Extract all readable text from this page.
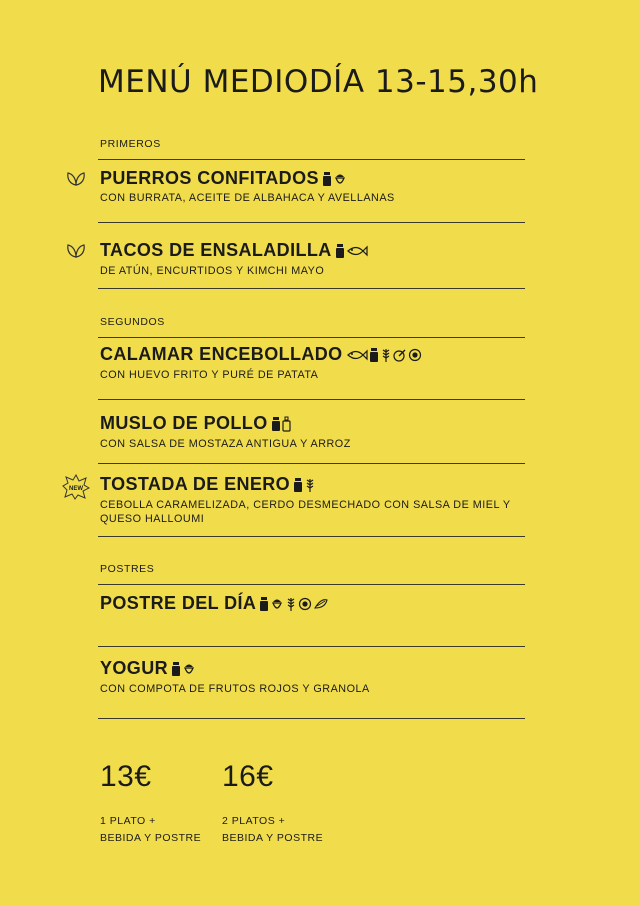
MENÚ MEDIODÍA 13-15,30h
PRIMEROS
PUERROS CONFITADOS
CON BURRATA, ACEITE DE ALBAHACA Y AVELLANAS
TACOS DE ENSALADILLA
DE ATÚN, ENCURTIDOS Y KIMCHI MAYO
SEGUNDOS
CALAMAR ENCEBOLLADO
CON HUEVO FRITO Y PURÉ DE PATATA
MUSLO DE POLLO
CON SALSA DE MOSTAZA ANTIGUA Y ARROZ
NEW TOSTADA DE ENERO
CEBOLLA CARAMELIZADA, CERDO DESMECHADO CON SALSA DE MIEL Y QUESO HALLOUMI
POSTRES
POSTRE DEL DÍA
YOGUR
CON COMPOTA DE FRUTOS ROJOS Y GRANOLA
13€
1 PLATO +
BEBIDA Y POSTRE
16€
2 PLATOS +
BEBIDA Y POSTRE
